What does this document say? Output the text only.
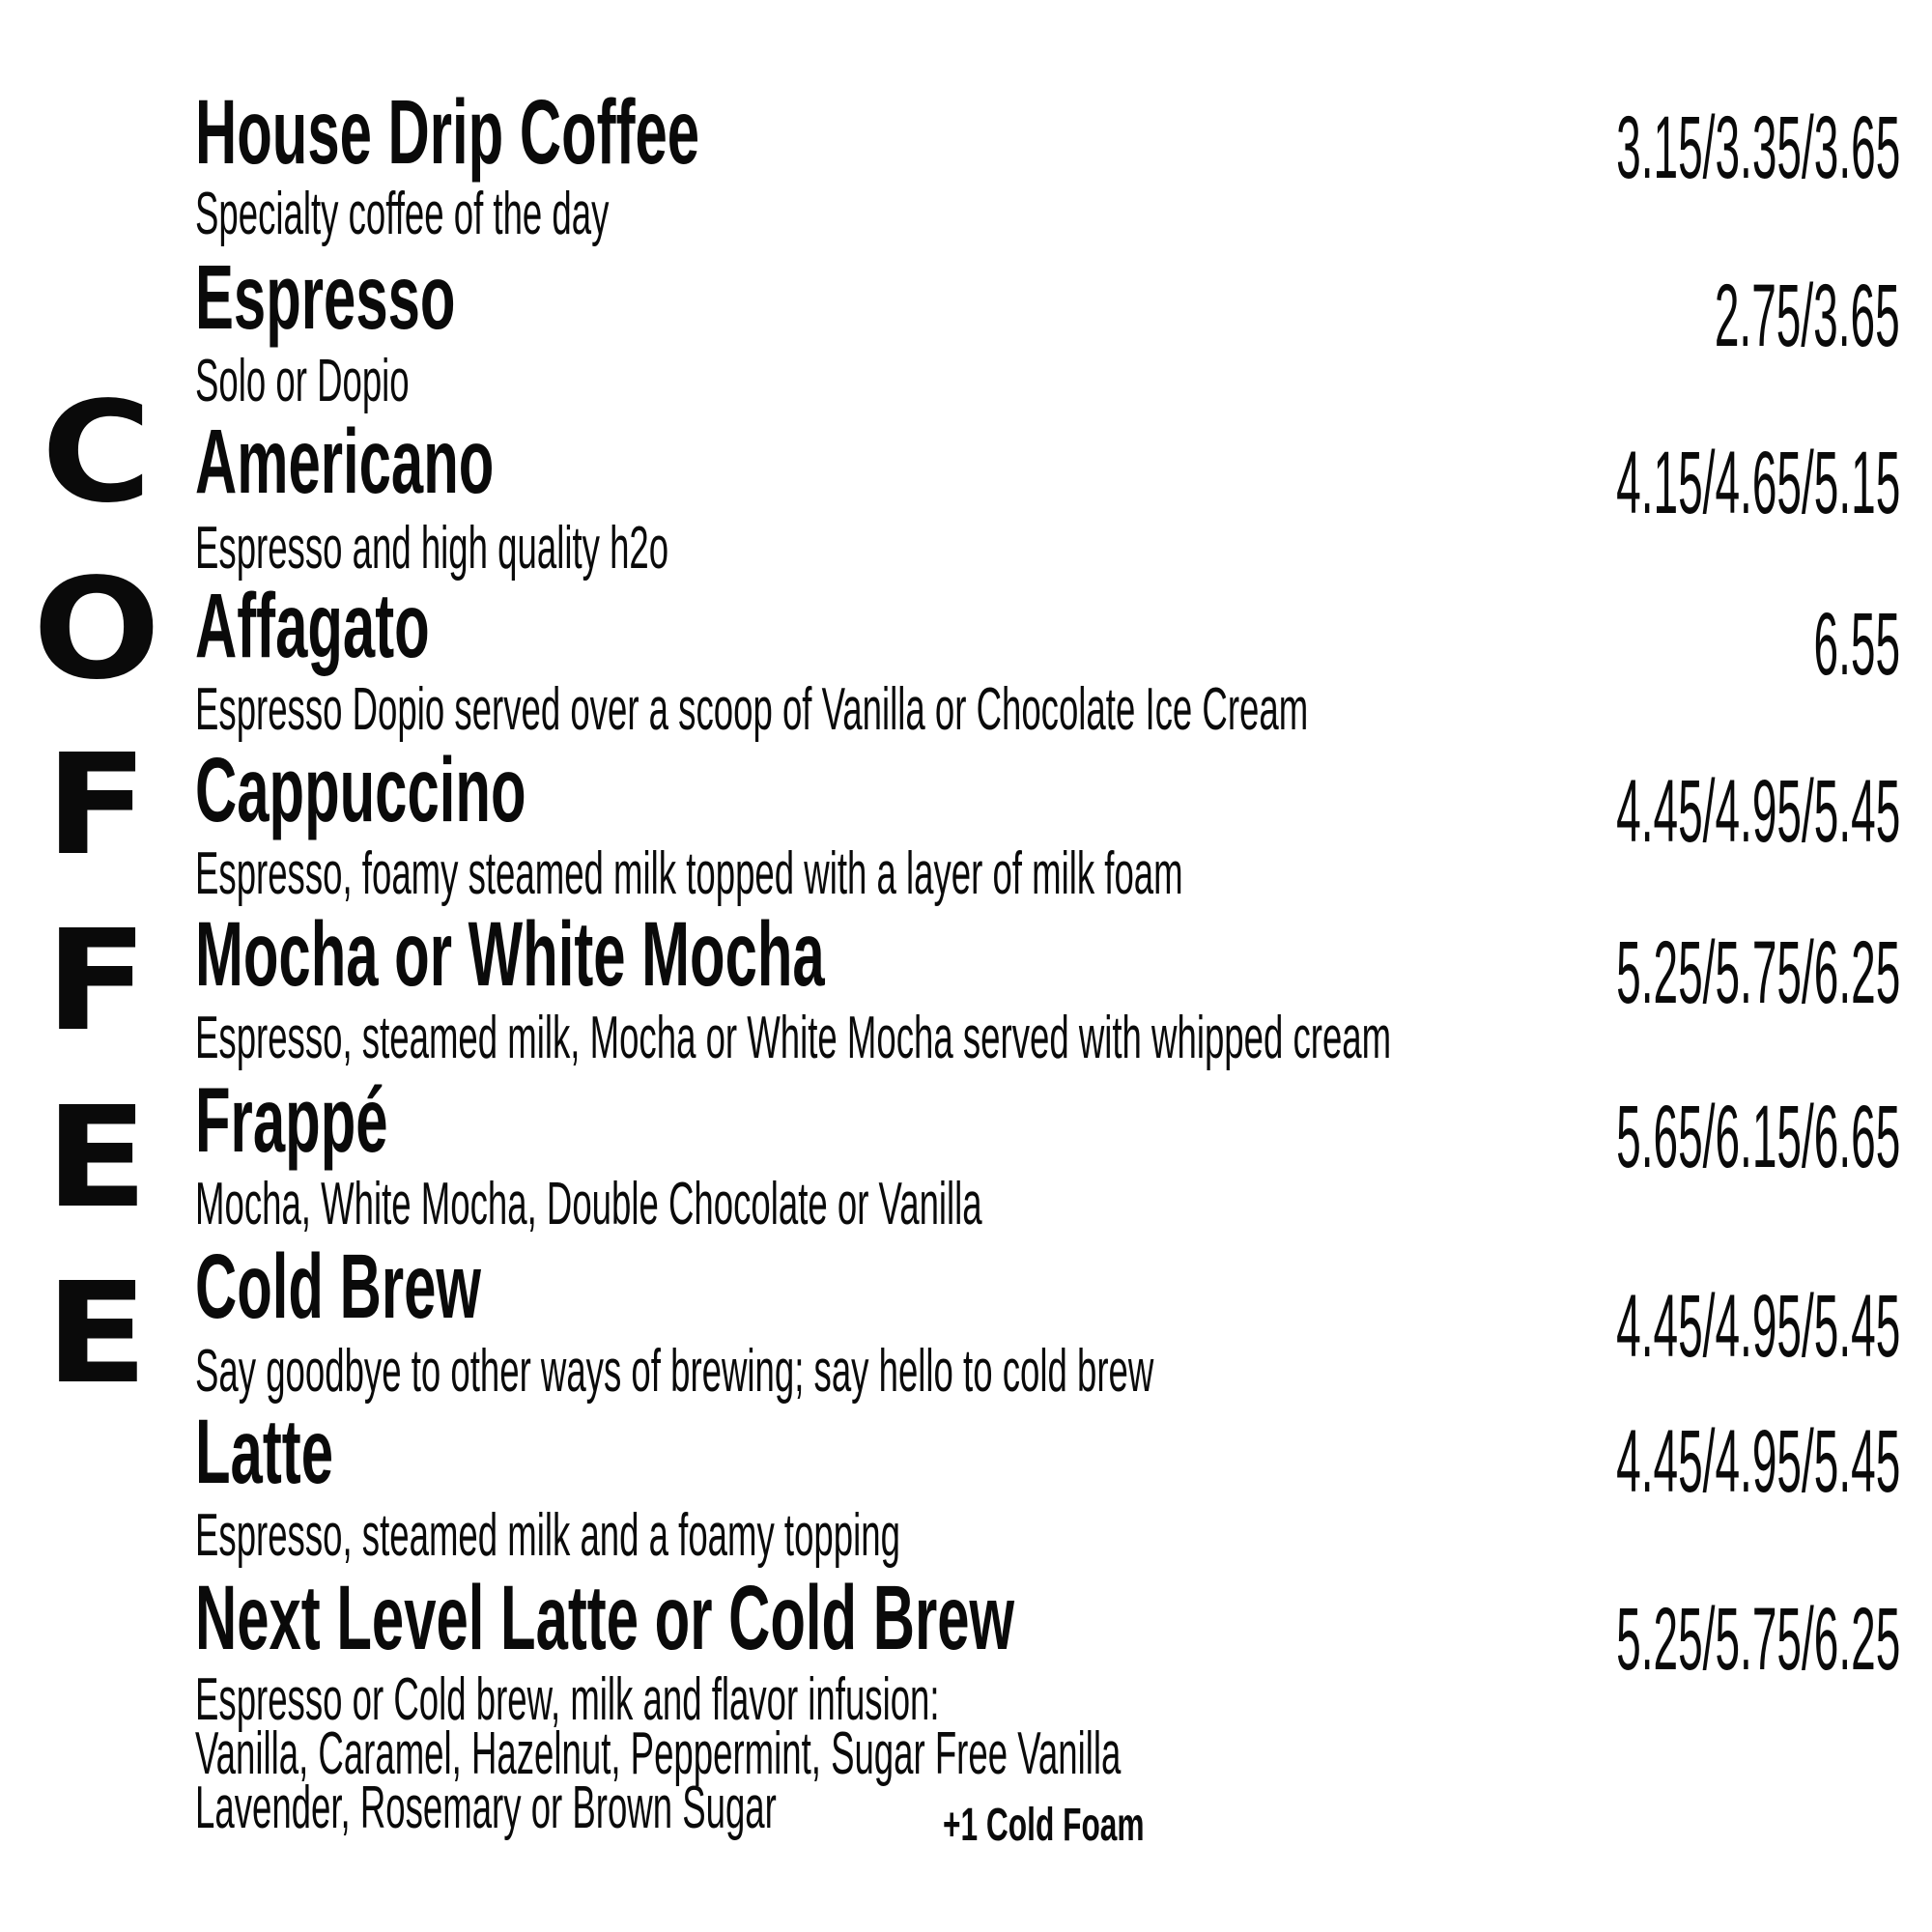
C
O
F
F
E
E
House Drip Coffee	3.15/3.35/3.65
Specialty coffee of the day
Espresso	2.75/3.65
Solo or Dopio
Americano	4.15/4.65/5.15
Espresso and high quality h2o
Affagato	6.55
Espresso Dopio served over a scoop of Vanilla or Chocolate Ice Cream
Cappuccino	4.45/4.95/5.45
Espresso, foamy steamed milk topped with a layer of milk foam
Mocha or White Mocha	5.25/5.75/6.25
Espresso, steamed milk, Mocha or White Mocha served with whipped cream
Frappé	5.65/6.15/6.65
Mocha, White Mocha, Double Chocolate or Vanilla
Cold Brew	4.45/4.95/5.45
Say goodbye to other ways of brewing; say hello to cold brew
Latte	4.45/4.95/5.45
Espresso, steamed milk and a foamy topping
Next Level Latte or Cold Brew	5.25/5.75/6.25
Espresso or Cold brew, milk and flavor infusion:
Vanilla, Caramel, Hazelnut, Peppermint, Sugar Free Vanilla
Lavender, Rosemary or Brown Sugar	+1 Cold Foam
